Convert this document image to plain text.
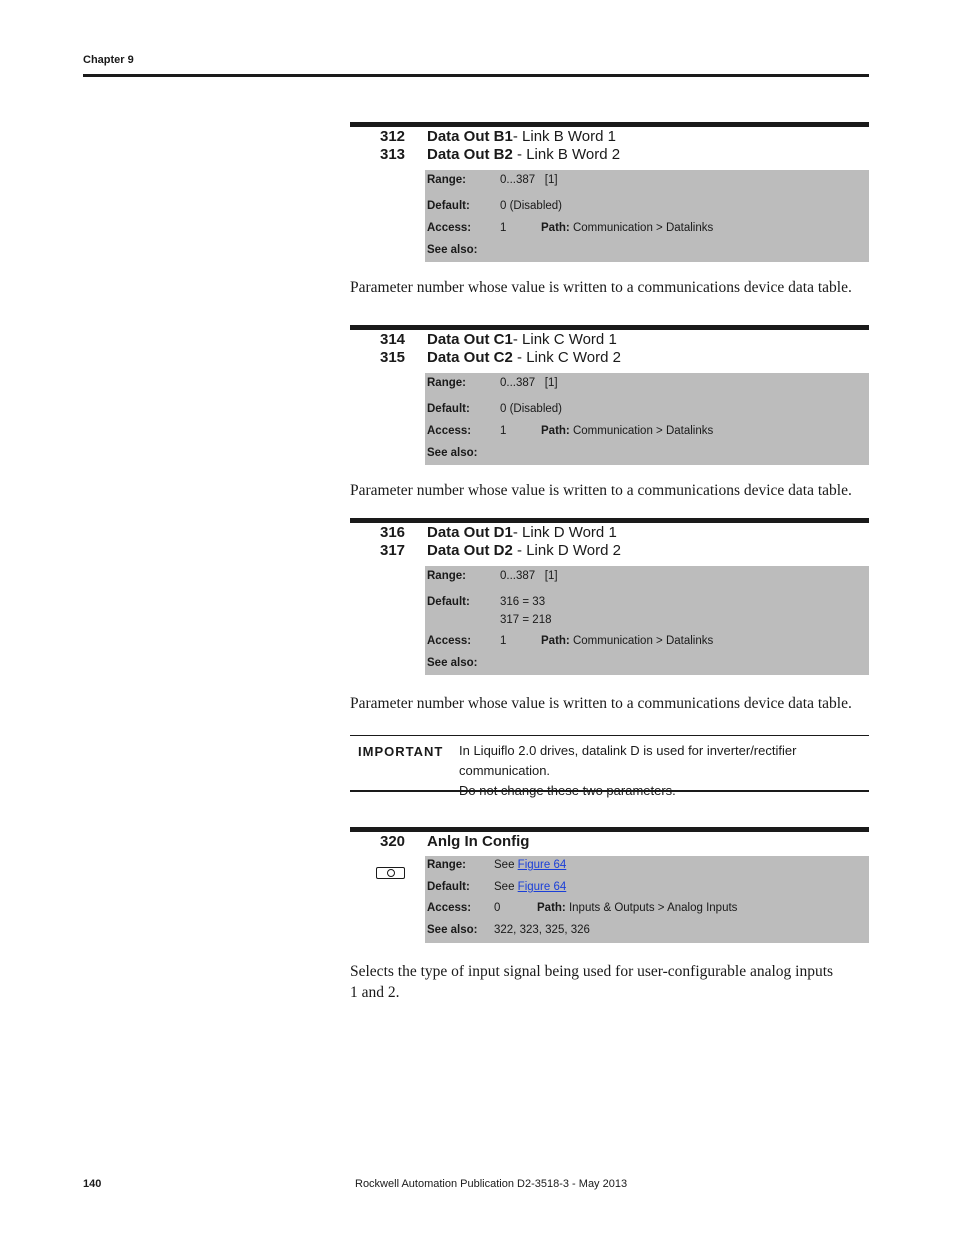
Chapter 9
312 Data Out B1- Link B Word 1
313 Data Out B2 - Link B Word 2
Range:	0...387   [1]
Default:	0 (Disabled)
Access:	1	Path: Communication > Datalinks
See also:
Parameter number whose value is written to a communications device data table.
314 Data Out C1- Link C Word 1
315 Data Out C2 - Link C Word 2
Range:	0...387   [1]
Default:	0 (Disabled)
Access:	1	Path: Communication > Datalinks
See also:
Parameter number whose value is written to a communications device data table.
316 Data Out D1- Link D Word 1
317 Data Out D2 - Link D Word 2
Range:	0...387   [1]
Default:	316 = 33
317 = 218
Access:	1	Path: Communication > Datalinks
See also:
Parameter number whose value is written to a communications device data table.
IMPORTANT In Liquiflo 2.0 drives, datalink D is used for inverter/rectifier communication.
Do not change these two parameters.
320 Anlg In Config
Range: See Figure 64
Default: See Figure 64
Access: 0	Path: Inputs & Outputs > Analog Inputs
See also: 322, 323, 325, 326
Selects the type of input signal being used for user-configurable analog inputs
1 and 2.
140	Rockwell Automation Publication D2-3518-3 - May 2013
